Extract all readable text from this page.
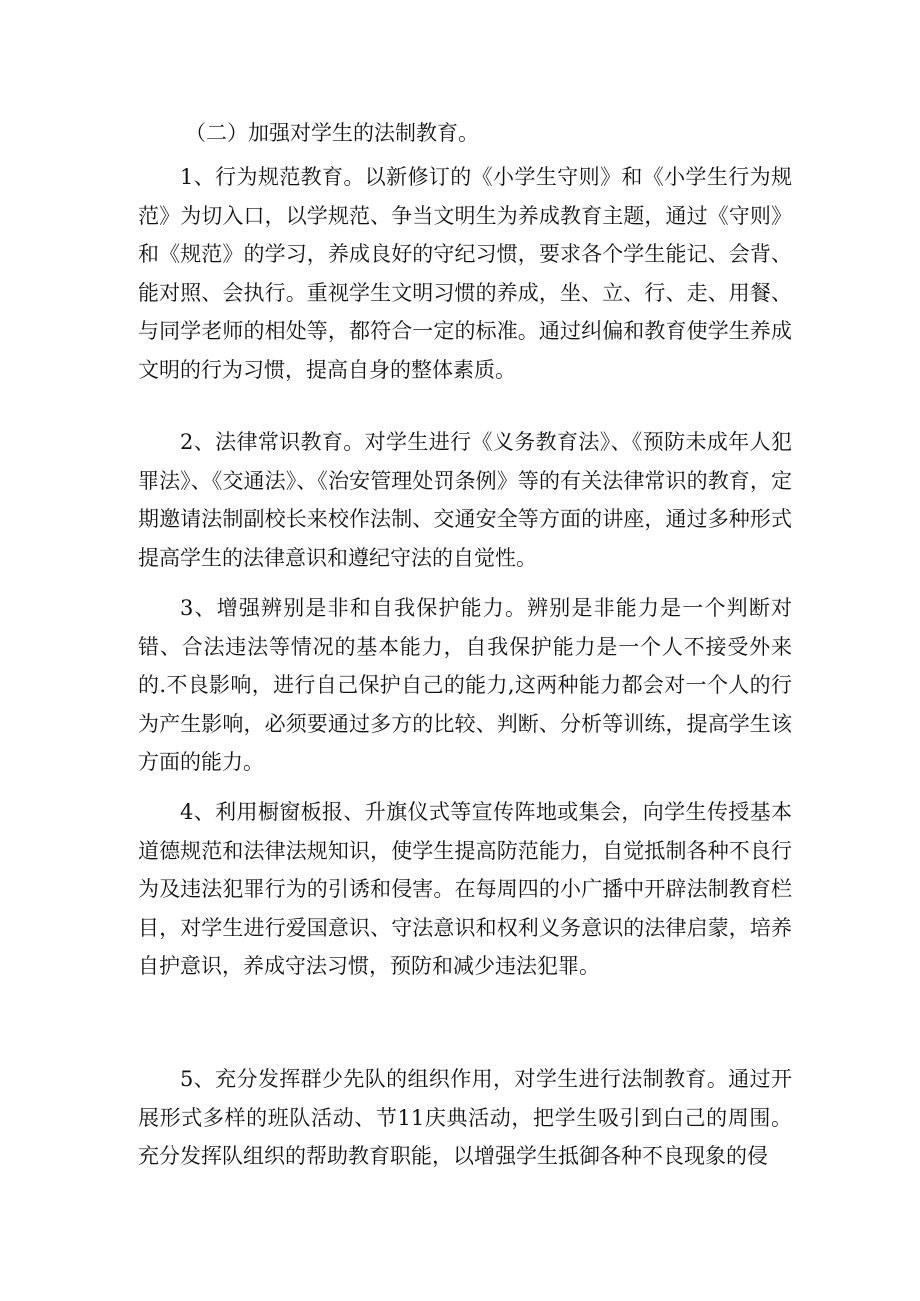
（二）加强对学生的法制教育。

1、行为规范教育。以新修订的《小学生守则》和《小学生行为规范》为切入口，以学规范、争当文明生为养成教育主题，通过《守则》和《规范》的学习，养成良好的守纪习惯，要求各个学生能记、会背、能对照、会执行。重视学生文明习惯的养成，坐、立、行、走、用餐、与同学老师的相处等，都符合一定的标准。通过纠偏和教育使学生养成文明的行为习惯，提高自身的整体素质。

2、法律常识教育。对学生进行《义务教育法》、《预防未成年人犯罪法》、《交通法》、《治安管理处罚条例》等的有关法律常识的教育，定期邀请法制副校长来校作法制、交通安全等方面的讲座，通过多种形式提高学生的法律意识和遵纪守法的自觉性。

3、增强辨别是非和自我保护能力。辨别是非能力是一个判断对错、合法违法等情况的基本能力，自我保护能力是一个人不接受外来的.不良影响，进行自己保护自己的能力,这两种能力都会对一个人的行为产生影响，必须要通过多方的比较、判断、分析等训练，提高学生该方面的能力。

4、利用橱窗板报、升旗仪式等宣传阵地或集会，向学生传授基本道德规范和法律法规知识，使学生提高防范能力，自觉抵制各种不良行为及违法犯罪行为的引诱和侵害。在每周四的小广播中开辟法制教育栏目，对学生进行爱国意识、守法意识和权利义务意识的法律启蒙，培养自护意识，养成守法习惯，预防和减少违法犯罪。

5、充分发挥群少先队的组织作用，对学生进行法制教育。通过开展形式多样的班队活动、节11庆典活动，把学生吸引到白己的周围。充分发挥队组织的帮助教育职能，以增强学生抵御各种不良现象的侵
